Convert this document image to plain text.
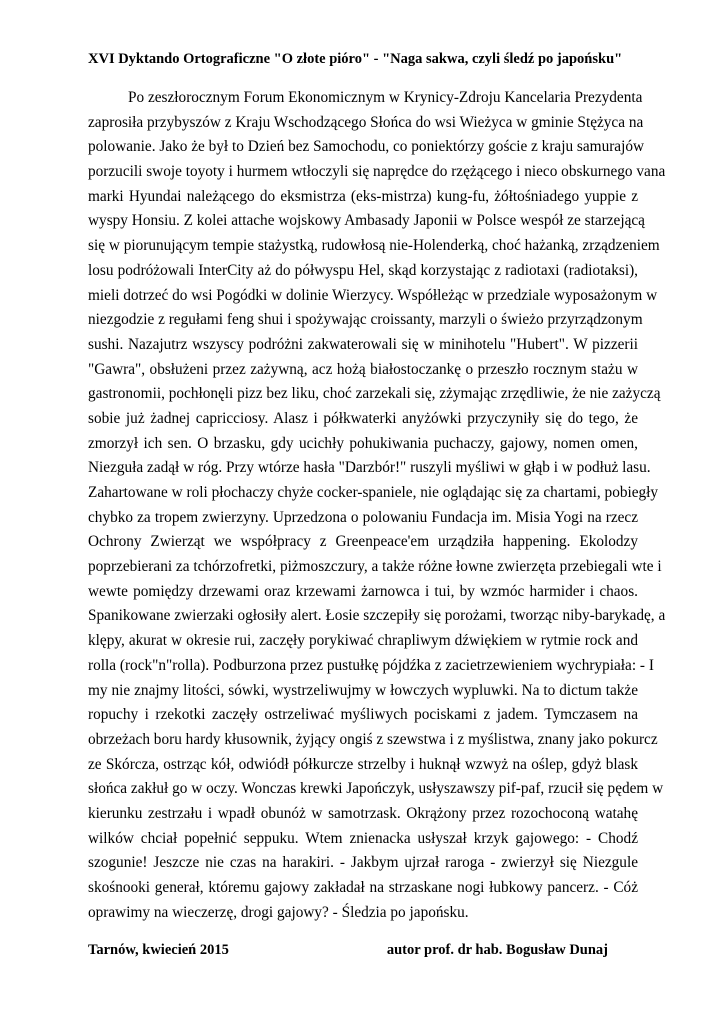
XVI Dyktando Ortograficzne "O złote pióro" - "Naga sakwa, czyli śledź po japońsku"
Po zeszłorocznym Forum Ekonomicznym w Krynicy-Zdroju Kancelaria Prezydenta
zaprosiła przybyszów z Kraju Wschodzącego Słońca do wsi Wieżyca w gminie Stężyca na
polowanie. Jako że był to Dzień bez Samochodu, co poniektórzy goście z kraju samurajów
porzucili swoje toyoty i hurmem wtłoczyli się naprędce do rzężącego i nieco obskurnego vana
marki Hyundai należącego do eksmistrza (eks-mistrza) kung-fu, żółtośniadego yuppie z
wyspy Honsiu. Z kolei attache wojskowy Ambasady Japonii w Polsce wespół ze starzejącą
się w piorunującym tempie stażystką, rudowłosą nie-Holenderką, choć hażanką, zrządzeniem
losu podróżowali InterCity aż do półwyspu Hel, skąd korzystając z radiotaxi (radiotaksi),
mieli dotrzeć do wsi Pogódki w dolinie Wierzycy. Współleżąc w przedziale wyposażonym w
niezgodzie z regułami feng shui i spożywając croissanty, marzyli o świeżo przyrządzonym
sushi. Nazajutrz wszyscy podróżni zakwaterowali się w minihotelu "Hubert". W pizzerii
"Gawra", obsłużeni przez zażywną, acz hożą białostoczankę o przeszło rocznym stażu w
gastronomii, pochłonęli pizz bez liku, choć zarzekali się, zżymając zrzędliwie, że nie zażyczą
sobie już żadnej capricciosy. Alasz i półkwaterki anyżówki przyczyniły się do tego, że
zmorzył ich sen. O brzasku, gdy ucichły pohukiwania puchaczy, gajowy, nomen omen,
Niezguła zadął w róg. Przy wtórze hasła "Darzbór!" ruszyli myśliwi w głąb i w podłuż lasu.
Zahartowane w roli płochaczy chyże cocker-spaniele, nie oglądając się za chartami, pobiegły
chybko za tropem zwierzyny. Uprzedzona o polowaniu Fundacja im. Misia Yogi na rzecz
Ochrony Zwierząt we współpracy z Greenpeace'em urządziła happening. Ekolodzy
poprzebierani za tchórzofretki, piżmoszczury, a także różne łowne zwierzęta przebiegali wte i
wewte pomiędzy drzewami oraz krzewami żarnowca i tui, by wzmóc harmider i chaos.
Spanikowane zwierzaki ogłosiły alert. Łosie szczepiły się porożami, tworząc niby-barykadę, a
klępy, akurat w okresie rui, zaczęły porykiwać chrapliwym dźwiękiem w rytmie rock and
rolla (rock"n"rolla). Podburzona przez pustułkę pójdźka z zacietrzewieniem wychrypiała: - I
my nie znajmy litości, sówki, wystrzeliwujmy w łowczych wypluwki. Na to dictum także
ropuchy i rzekotki zaczęły ostrzeliwać myśliwych pociskami z jadem. Tymczasem na
obrzeżach boru hardy kłusownik, żyjący ongiś z szewstwa i z myślistwa, znany jako pokurcz
ze Skórcza, ostrząc kół, odwiódł półkurcze strzelby i huknął wzwyż na oślep, gdyż blask
słońca zakłuł go w oczy. Wonczas krewki Japończyk, usłyszawszy pif-paf, rzucił się pędem w
kierunku zestrzału i wpadł obunóż w samotrzask. Okrążony przez rozochoconą watahę
wilków chciał popełnić seppuku. Wtem znienacka usłyszał krzyk gajowego: - Chodź
szogunie! Jeszcze nie czas na harakiri. - Jakbym ujrzał raroga - zwierzył się Niezgule
skośnooki generał, któremu gajowy zakładał na strzaskane nogi łubkowy pancerz. - Cóż
oprawimy na wieczerzę, drogi gajowy? - Śledzia po japońsku.
Tarnów, kwiecień 2015	autor prof. dr hab. Bogusław Dunaj
